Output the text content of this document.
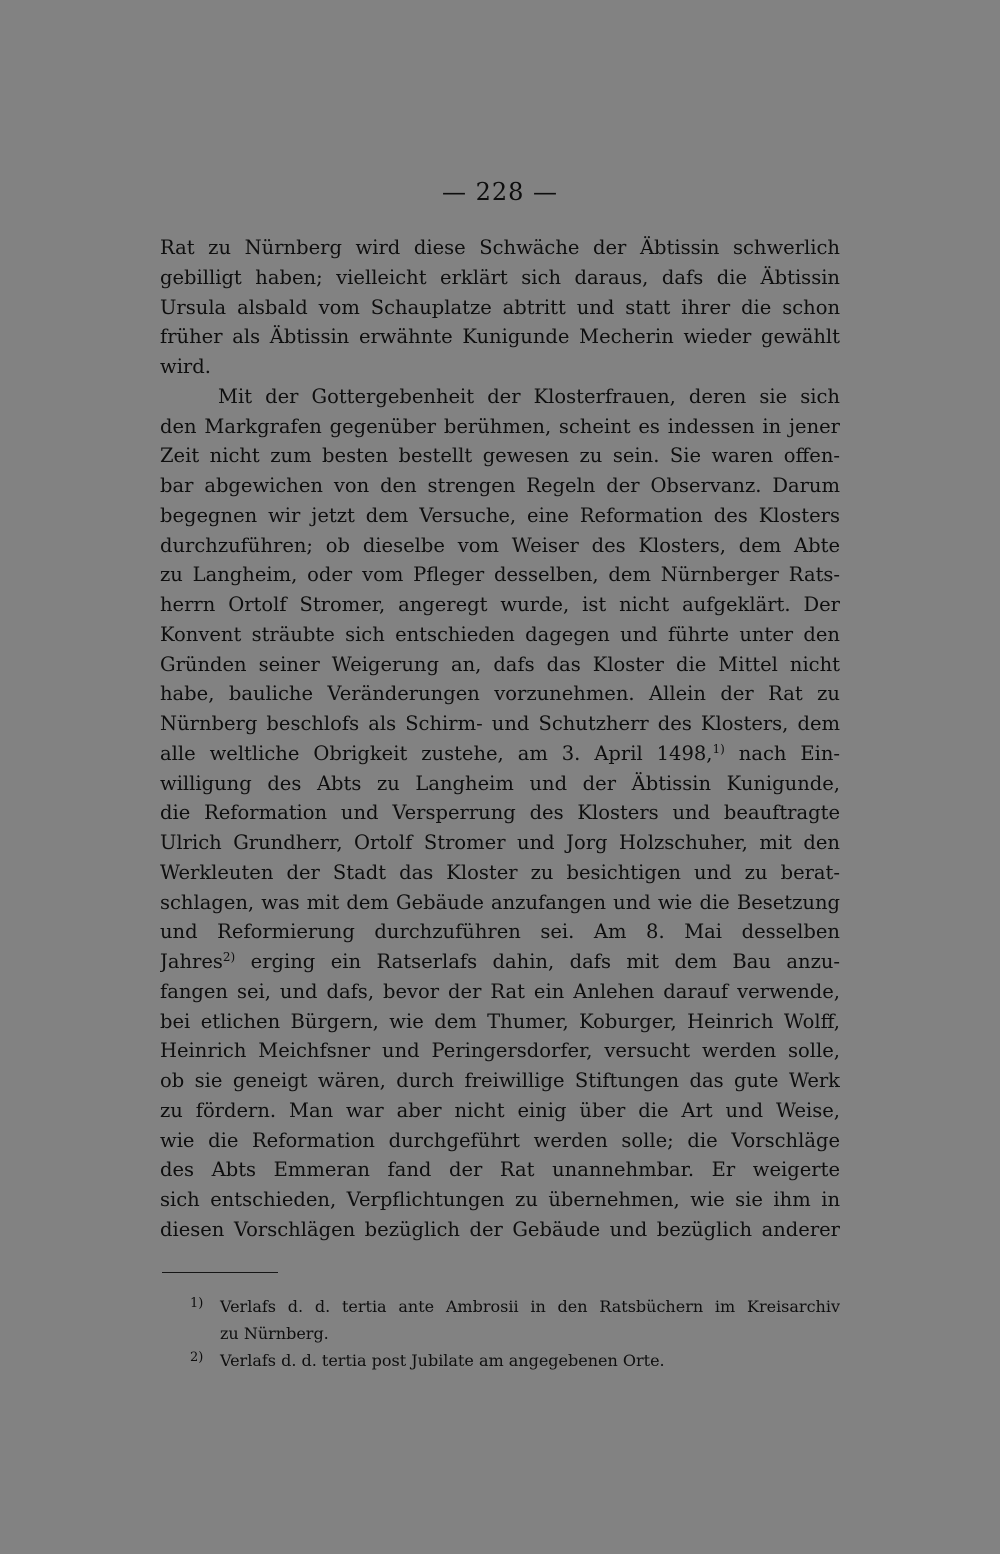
— 228 —
Rat zu Nürnberg wird diese Schwäche der Äbtissin schwerlich
gebilligt haben; vielleicht erklärt sich daraus, dafs die Äbtissin
Ursula alsbald vom Schauplatze abtritt und statt ihrer die schon
früher als Äbtissin erwähnte Kunigunde Mecherin wieder gewählt
wird.
Mit der Gottergebenheit der Klosterfrauen, deren sie sich
den Markgrafen gegenüber berühmen, scheint es indessen in jener
Zeit nicht zum besten bestellt gewesen zu sein. Sie waren offen-
bar abgewichen von den strengen Regeln der Observanz. Darum
begegnen wir jetzt dem Versuche, eine Reformation des Klosters
durchzuführen; ob dieselbe vom Weiser des Klosters, dem Abte
zu Langheim, oder vom Pfleger desselben, dem Nürnberger Rats-
herrn Ortolf Stromer, angeregt wurde, ist nicht aufgeklärt. Der
Konvent sträubte sich entschieden dagegen und führte unter den
Gründen seiner Weigerung an, dafs das Kloster die Mittel nicht
habe, bauliche Veränderungen vorzunehmen. Allein der Rat zu
Nürnberg beschlofs als Schirm- und Schutzherr des Klosters, dem
alle weltliche Obrigkeit zustehe, am 3. April 1498,$^{1)}$ nach Ein-
willigung des Abts zu Langheim und der Äbtissin Kunigunde,
die Reformation und Versperrung des Klosters und beauftragte
Ulrich Grundherr, Ortolf Stromer und Jorg Holzschuher, mit den
Werkleuten der Stadt das Kloster zu besichtigen und zu berat-
schlagen, was mit dem Gebäude anzufangen und wie die Besetzung
und Reformierung durchzuführen sei. Am 8. Mai desselben
Jahres$^{2)}$ erging ein Ratserlafs dahin, dafs mit dem Bau anzu-
fangen sei, und dafs, bevor der Rat ein Anlehen darauf verwende,
bei etlichen Bürgern, wie dem Thumer, Koburger, Heinrich Wolff,
Heinrich Meichfsner und Peringersdorfer, versucht werden solle,
ob sie geneigt wären, durch freiwillige Stiftungen das gute Werk
zu fördern. Man war aber nicht einig über die Art und Weise,
wie die Reformation durchgeführt werden solle; die Vorschläge
des Abts Emmeran fand der Rat unannehmbar. Er weigerte
sich entschieden, Verpflichtungen zu übernehmen, wie sie ihm in
diesen Vorschlägen bezüglich der Gebäude und bezüglich anderer
1) Verlafs d. d. tertia ante Ambrosii in den Ratsbüchern im Kreisarchiv
zu Nürnberg.
2) Verlafs d. d. tertia post Jubilate am angegebenen Orte.
